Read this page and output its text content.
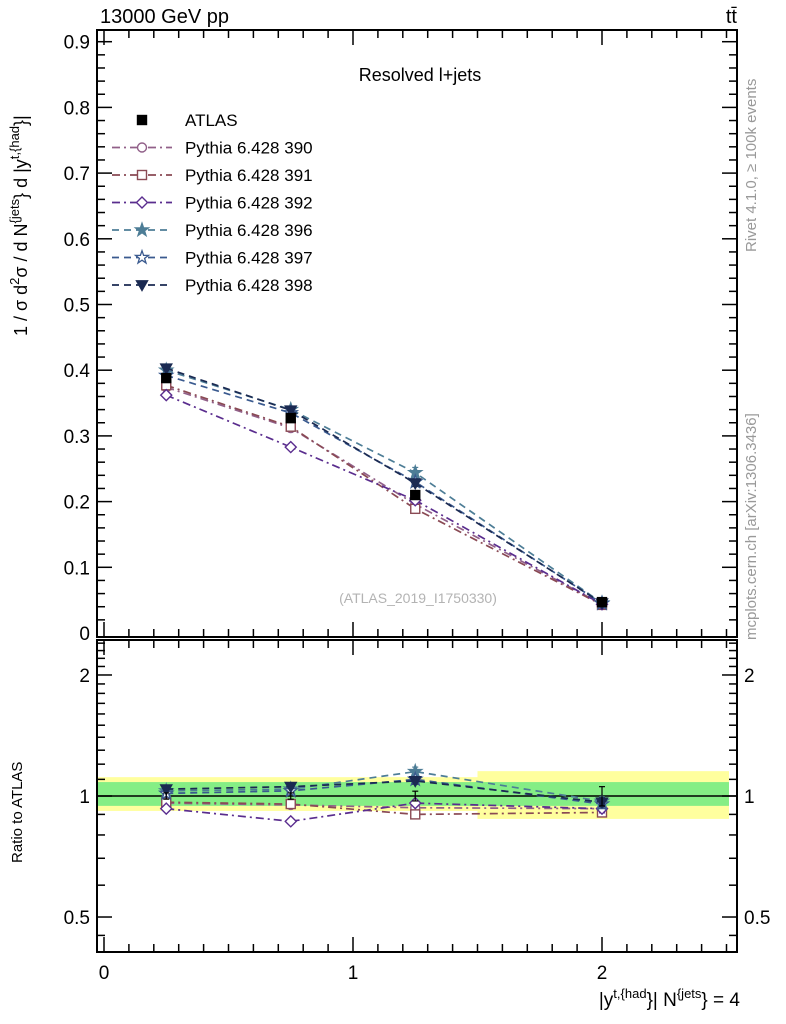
0.9
0.8
0.7
0.6
0.5
0.4
0.3
0.2
0.1
0
2	2
1	1
0.5	0.5
0	1	2
$|y^{t,\{had}\}|$ $N^{\{jets}\} = 4$
1 / σ $d^2\sigma$ / d $N^{\{jets}$} d $|y^{t,\{had}\}|$	ATLAS
Pythia 6.428 390
Pythia 6.428 391
Pythia 6.428 392
Pythia 6.428 396
Pythia 6.428 397
Pythia 6.428 398
13000 GeV pp	tt̄
Resolved l+jets
(ATLAS_2019_I1750330)
Rivet 4.1.0, ≥ 100k events
mcplots.cern.ch [arXiv:1306.3436]
Ratio to ATLAS
